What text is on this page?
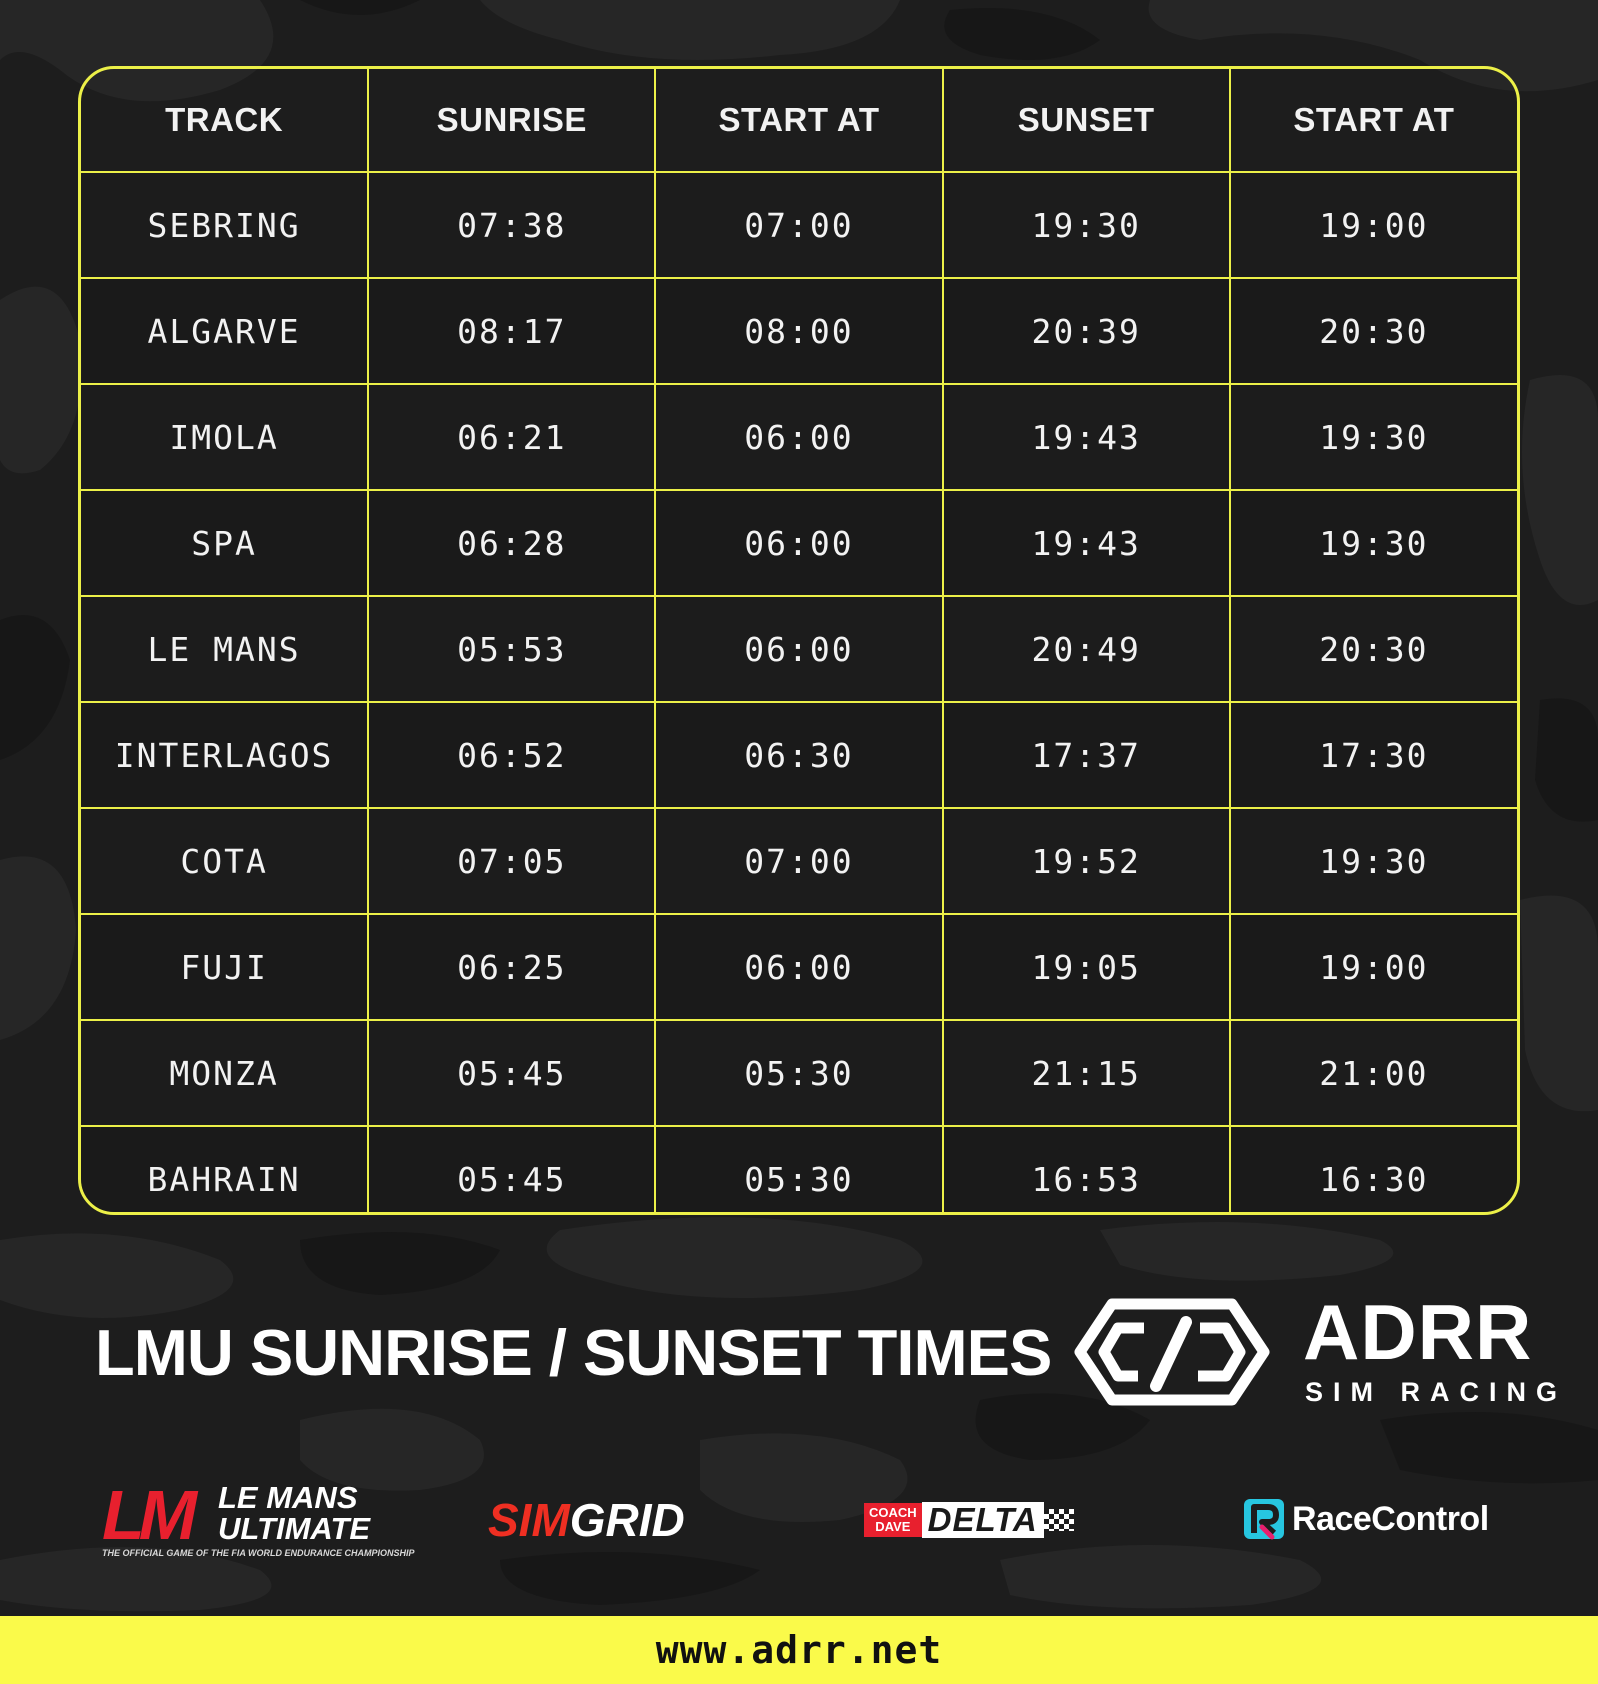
TRACK	SUNRISE	START AT	SUNSET	START AT
SEBRING	07:38	07:00	19:30	19:00
ALGARVE	08:17	08:00	20:39	20:30
IMOLA	06:21	06:00	19:43	19:30
SPA	06:28	06:00	19:43	19:30
LE MANS	05:53	06:00	20:49	20:30
INTERLAGOS	06:52	06:30	17:37	17:30
COTA	07:05	07:00	19:52	19:30
FUJI	06:25	06:00	19:05	19:00
MONZA	05:45	05:30	21:15	21:00
BAHRAIN	05:45	05:30	16:53	16:30
LMU SUNRISE / SUNSET TIMES	ADRR
SIM RACING
LM LE MANS
ULTIMATE
THE OFFICIAL GAME OF THE FIA WORLD ENDURANCE CHAMPIONSHIP
SIMGRID	COACH
DAVE DELTA	RaceControl
www.adrr.net
